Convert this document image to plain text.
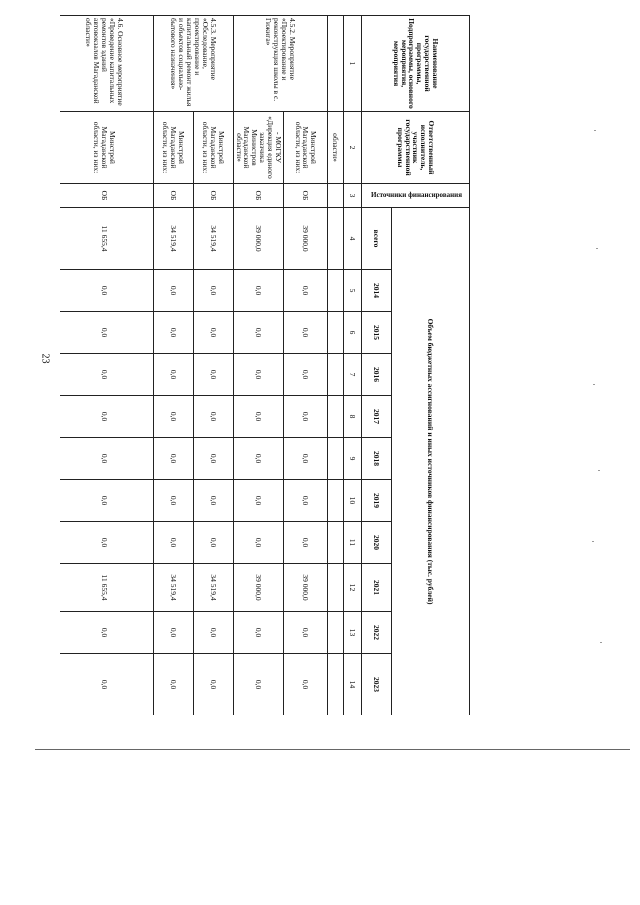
23
Наименование государственной программы, Подпрограммы, основного мероприятия, мероприятия	Ответственный исполнитель, участник государственной программы	Источники финансирования	Объем бюджетных ассигнований и иных источников финансирования (тыс. рублей)										
			всего	2014	2015	2016	2017	2018	2019	2020	2021	2022	2023
1	2	3	4	5	6	7	8	9	10	11	12	13	14
	области»												
4.5.2. Мероприятие «Проектирование и реконструкция школы в с. Гижига»	Минстрой Магаданской области, из них:	ОБ	39 000,0	0,0	0,0	0,0	0,0	0,0	0,0	0,0	39 000,0	0,0	0,0
	- МОГКУ «Дирекция единого заказчика Министров Магаданской области»	ОБ	39 000,0	0,0	0,0	0,0	0,0	0,0	0,0	0,0	39 000,0	0,0	0,0
4.5.3. Мероприятие «Обследование, проектирование и капитальный ремонт жилья и объектов социально-бытового назначения»	Минстрой Магаданской области, из них:	ОБ	34 519,4	0,0	0,0	0,0	0,0	0,0	0,0	0,0	34 519,4	0,0	0,0
	Минстрой Магаданской области, из них:	ОБ	34 519,4	0,0	0,0	0,0	0,0	0,0	0,0	0,0	34 519,4	0,0	0,0
4.6. Основное мероприятие «Проведение капитальных ремонтов зданий автовокзалов Магаданской области»	Минстрой Магаданской области, из них:	ОБ	11 655,4	0,0	0,0	0,0	0,0	0,0	0,0	0,0	11 655,4	0,0	0,0
